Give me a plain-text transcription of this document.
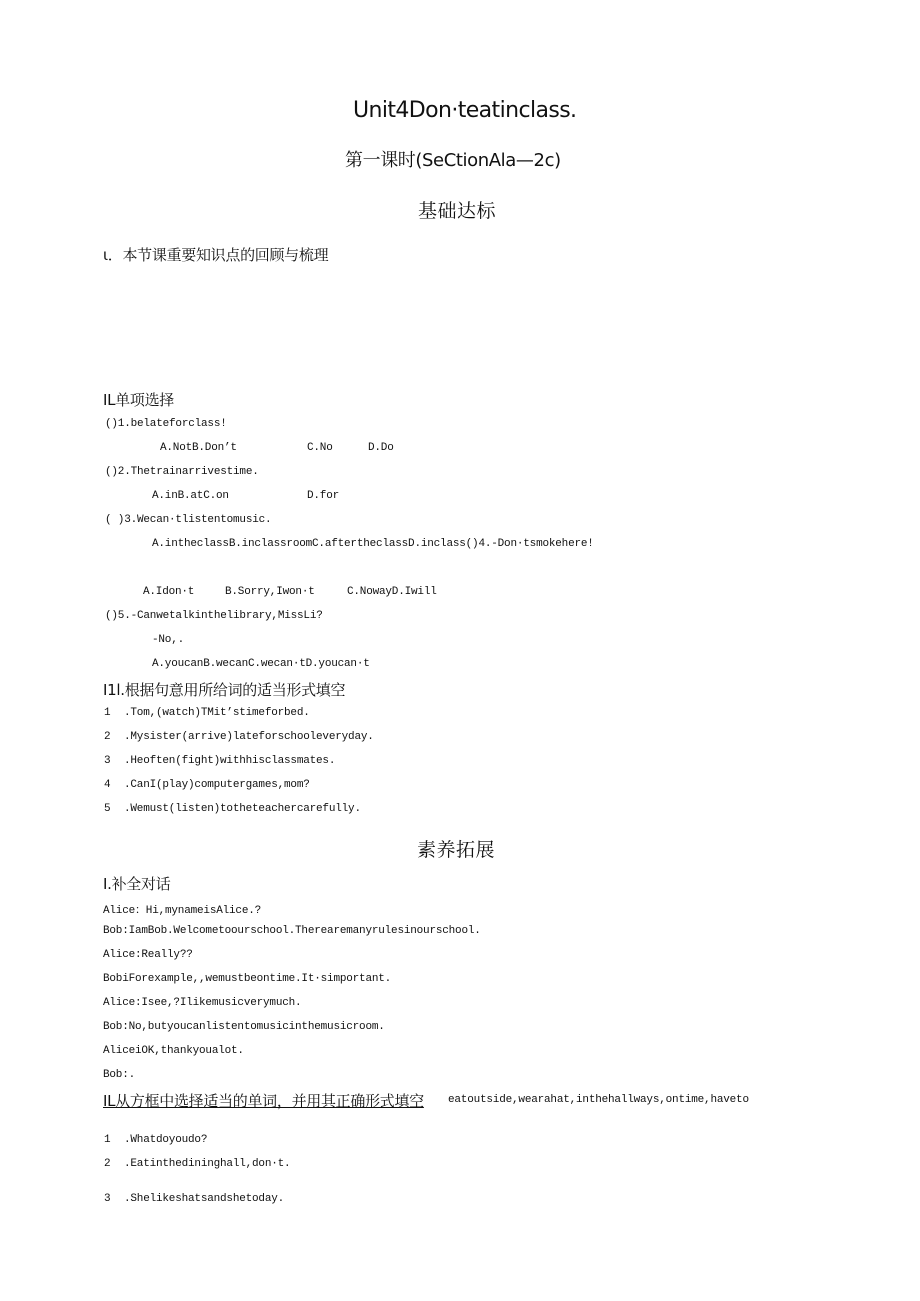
Unit4Don·teatinclass.
第一课时(SeCtionAla—2c)
基础达标
ι．本节课重要知识点的回顾与梳理
IL单项选择
()1.belateforclass!
A.NotB.Don’t	C.No	D.Do
()2.Thetrainarrivestime.
A.inB.atC.on	D.for
( )3.Wecan·tlistentomusic.
A.intheclassB.inclassroomC.aftertheclassD.inclass()4.-Don·tsmokehere!
A.Idon·t	B.Sorry,Iwon·t	C.NowayD.Iwill
()5.-Canwetalkinthelibrary,MissLi?
-No,.
A.youcanB.wecanC.wecan·tD.youcan·t
I1l.根据句意用所给词的适当形式填空
1 .Tom,(watch)TMit’stimeforbed.
2 .Mysister(arrive)lateforschooleveryday.
3 .Heoften(fight)withhisclassmates.
4 .CanI(play)computergames,mom?
5 .Wemust(listen)totheteachercarefully.
素养拓展
I.补全对话
Alice：Hi,mynameisAlice.?
Bob:IamBob.Welcometoourschool.Therearemanyrulesinourschool.
Alice:Really??
BobiForexample,,wemustbeontime.It·simportant.
Alice:Isee,?Ilikemusicverymuch.
Bob:No,butyoucanlistentomusicinthemusicroom.
AliceiOK,thankyoualot.
Bob:.
IL从方框中选择适当的单词，并用其正确形式填空 eatoutside,wearahat,inthehallways,ontime,haveto
1 .Whatdoyoudo?
2 .Eatinthedininghall,don·t.
3 .Shelikeshatsandshetoday.
